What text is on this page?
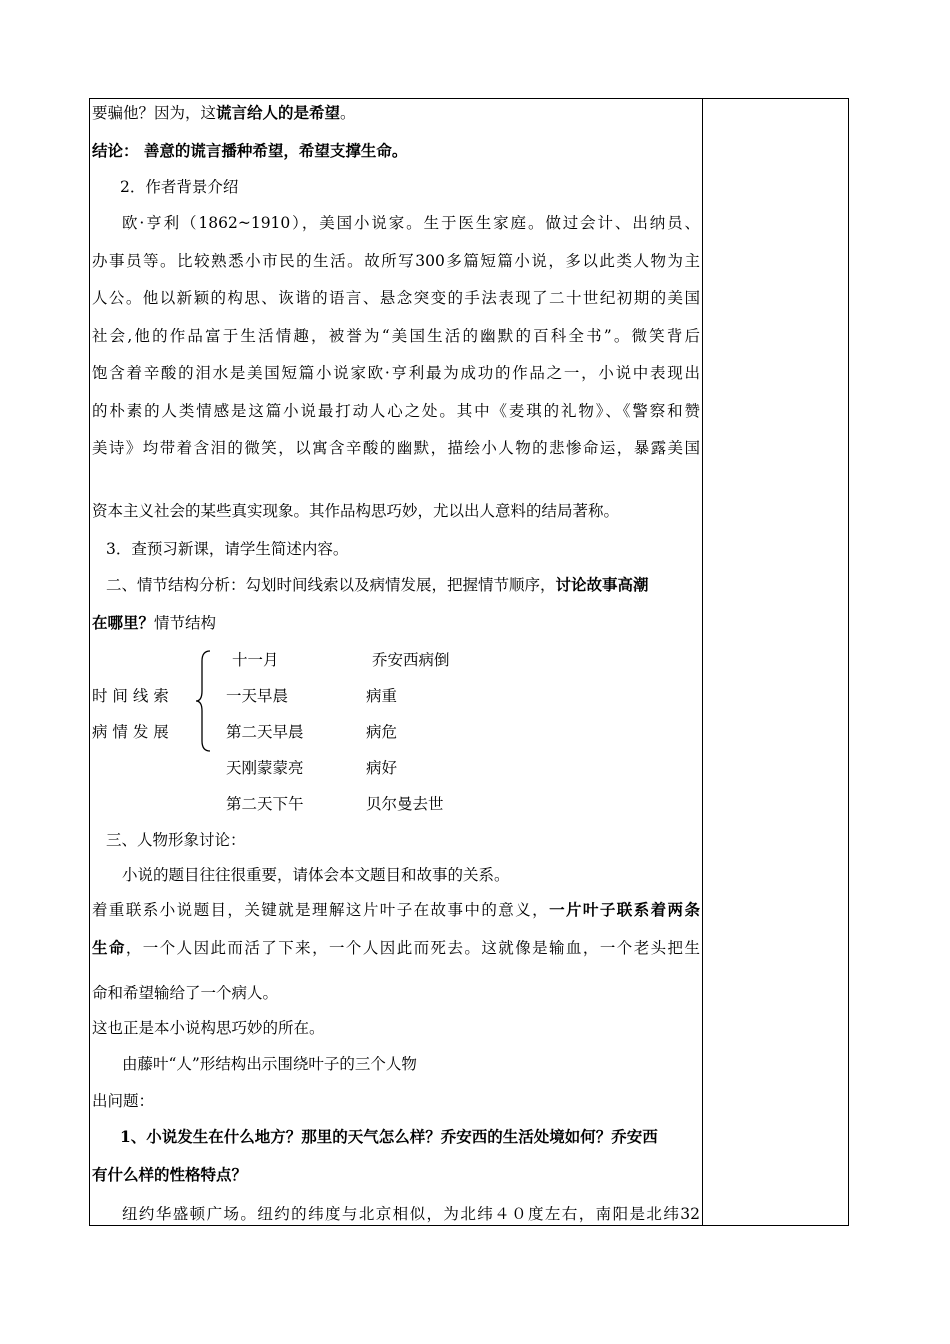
要骗他？因为，这谎言给人的是希望。
结论： 善意的谎言播种希望，希望支撑生命。
2．作者背景介绍
欧·亨利（1862~1910），美国小说家。生于医生家庭。做过会计、出纳员、
办事员等。比较熟悉小市民的生活。故所写300多篇短篇小说，多以此类人物为主
人公。他以新颖的构思、诙谐的语言、悬念突变的手法表现了二十世纪初期的美国
社会,他的作品富于生活情趣，被誉为“美国生活的幽默的百科全书”。微笑背后
饱含着辛酸的泪水是美国短篇小说家欧·亨利最为成功的作品之一，小说中表现出
的朴素的人类情感是这篇小说最打动人心之处。其中《麦琪的礼物》、《警察和赞
美诗》均带着含泪的微笑，以寓含辛酸的幽默，描绘小人物的悲惨命运，暴露美国
资本主义社会的某些真实现象。其作品构思巧妙，尤以出人意料的结局著称。
3．查预习新课，请学生简述内容。
二、情节结构分析：勾划时间线索以及病情发展，把握情节顺序，讨论故事高潮
在哪里？情节结构
时 间 线 索
病 情 发 展
十一月	乔安西病倒
一天早晨	病重
第二天早晨	病危
天刚蒙蒙亮	病好
第二天下午	贝尔曼去世
三、人物形象讨论：
小说的题目往往很重要，请体会本文题目和故事的关系。
着重联系小说题目，关键就是理解这片叶子在故事中的意义，一片叶子联系着两条
生命，一个人因此而活了下来，一个人因此而死去。这就像是输血，一个老头把生
命和希望输给了一个病人。
这也正是本小说构思巧妙的所在。
由藤叶“人”形结构出示围绕叶子的三个人物
出问题：
1、小说发生在什么地方？那里的天气怎么样？乔安西的生活处境如何？乔安西
有什么样的性格特点？
纽约华盛顿广场。纽约的纬度与北京相似，为北纬４０度左右，南阳是北纬32
